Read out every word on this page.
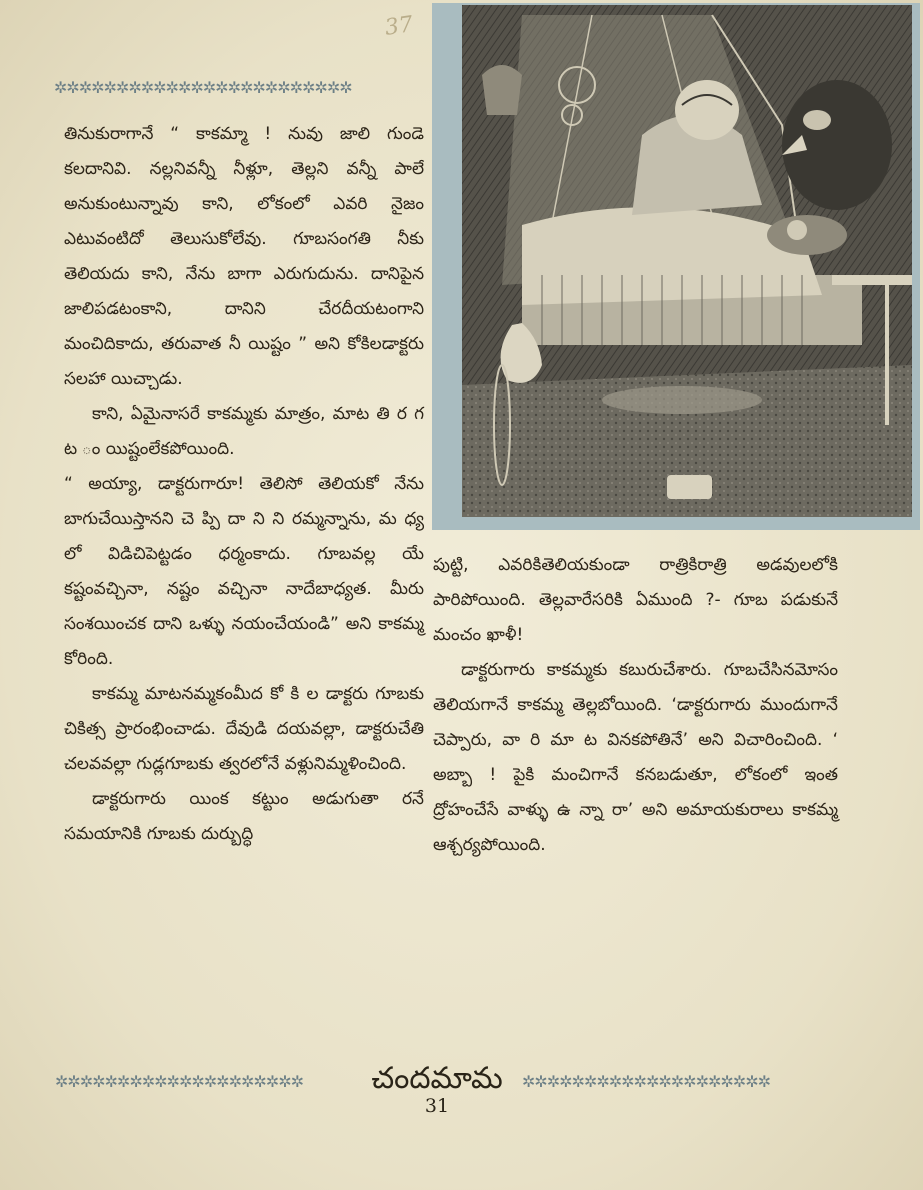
37
✲✲✲✲✲✲✲✲✲✲✲✲✲✲✲✲✲✲✲✲✲✲✲✲

తినుకురాగానే “ కాకమ్మా ! నువు జాలి గుండె కలదానివి. నల్లనివన్నీ నీళ్లూ, తెల్లని వన్నీ పాలే అనుకుంటున్నావు కాని, లోకంలో ఎవరి నైజం ఎటువంటిదో తెలుసుకోలేవు. గూబసంగతి నీకు తెలియదు కాని, నేను బాగా ఎరుగుదును. దానిపైన జాలిపడటంకాని, దానిని చేరదీయటంగాని మంచిదికాదు, తరువాత నీ యిష్టం ” అని కోకిలడాక్టరు సలహా యిచ్చాడు.

కాని, ఏమైనాసరే కాకమ్మకు మాత్రం, మాట తి ర గ ట ం యిష్టంలేకపోయింది.

“ అయ్యా, డాక్టరుగారూ! తెలిసో తెలియకో నేను బాగుచేయిస్తానని చె ప్పి దా ని ని రమ్మన్నాను, మ ధ్య లో విడిచిపెట్టడం ధర్మంకాదు. గూబవల్ల యే కష్టంవచ్చినా, నష్టం వచ్చినా నాదేబాధ్యత. మీరు సంశయించక దాని ఒళ్ళు నయంచేయండి” అని కాకమ్మ కోరింది.

కాకమ్మ మాటనమ్మకంమీద కో కి ల డాక్టరు గూబకు చికిత్స ప్రారంభించాడు. దేవుడి దయవల్లా, డాక్టరుచేతి చలవవల్లా గుడ్లగూబకు త్వరలోనే వళ్లునిమ్మళించింది.

డాక్టరుగారు యింక కట్టుం అడుగుతా రనే సమయానికి గూబకు దుర్బుద్ధి

పుట్టి, ఎవరికితెలియకుండా రాత్రికిరాత్రి అడవులలోకి పారిపోయింది. తెల్లవారేసరికి ఏముంది ?- గూబ పడుకునే మంచం ఖాళీ!

డాక్టరుగారు కాకమ్మకు కబురుచేశారు. గూబచేసినమోసం తెలియగానే కాకమ్మ తెల్లబోయింది. ‘డాక్టరుగారు ముందుగానే చెప్పారు, వా రి మా ట వినకపోతినే’ అని విచారించింది. ‘ అబ్బా ! పైకి మంచిగానే కనబడుతూ, లోకంలో ఇంత ద్రోహంచేసే వాళ్ళు ఉ న్నా రా’ అని అమాయకురాలు కాకమ్మ ఆశ్చర్యపోయింది.

✲✲✲✲✲✲✲✲✲✲✲✲✲✲✲✲✲✲✲✲	చందమామ	✲✲✲✲✲✲✲✲✲✲✲✲✲✲✲✲✲✲✲✲
31
